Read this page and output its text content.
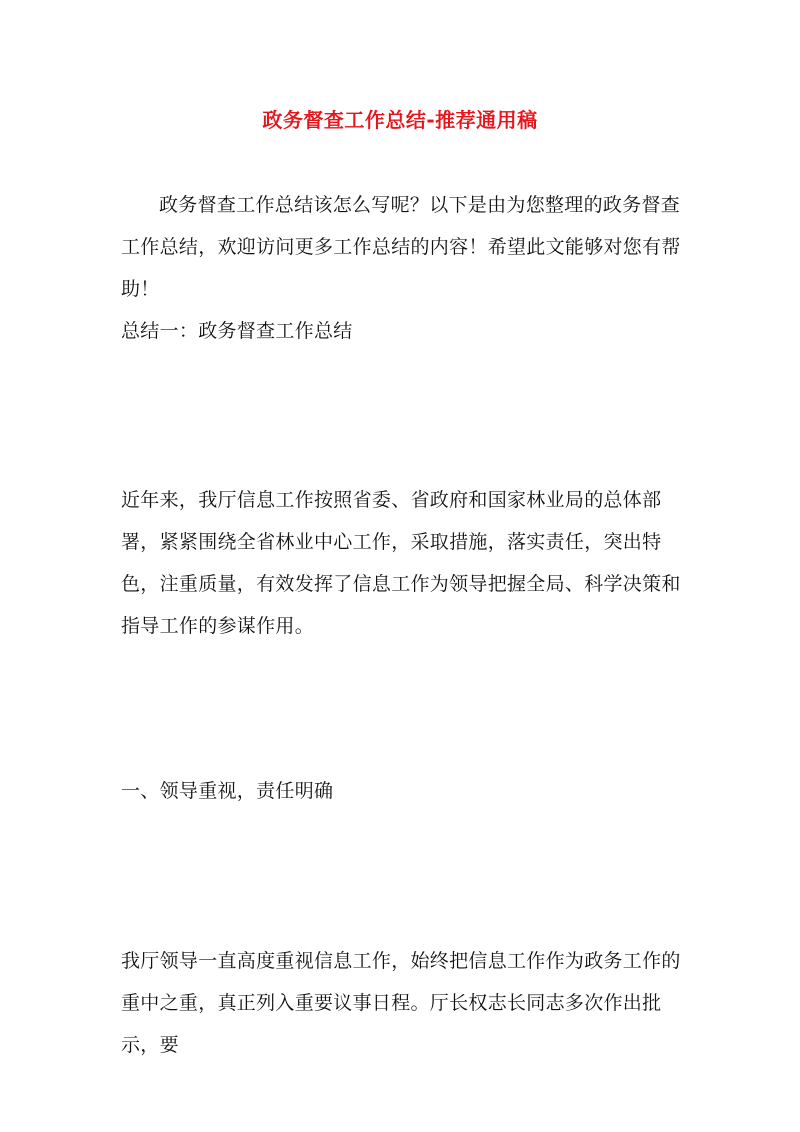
政务督查工作总结-推荐通用稿

政务督查工作总结该怎么写呢？以下是由为您整理的政务督查工作总结，欢迎访问更多工作总结的内容！希望此文能够对您有帮助！

总结一：政务督查工作总结

近年来，我厅信息工作按照省委、省政府和国家林业局的总体部署，紧紧围绕全省林业中心工作，采取措施，落实责任，突出特色，注重质量，有效发挥了信息工作为领导把握全局、科学决策和指导工作的参谋作用。

一、领导重视，责任明确

我厅领导一直高度重视信息工作，始终把信息工作作为政务工作的重中之重，真正列入重要议事日程。厅长权志长同志多次作出批示，要
